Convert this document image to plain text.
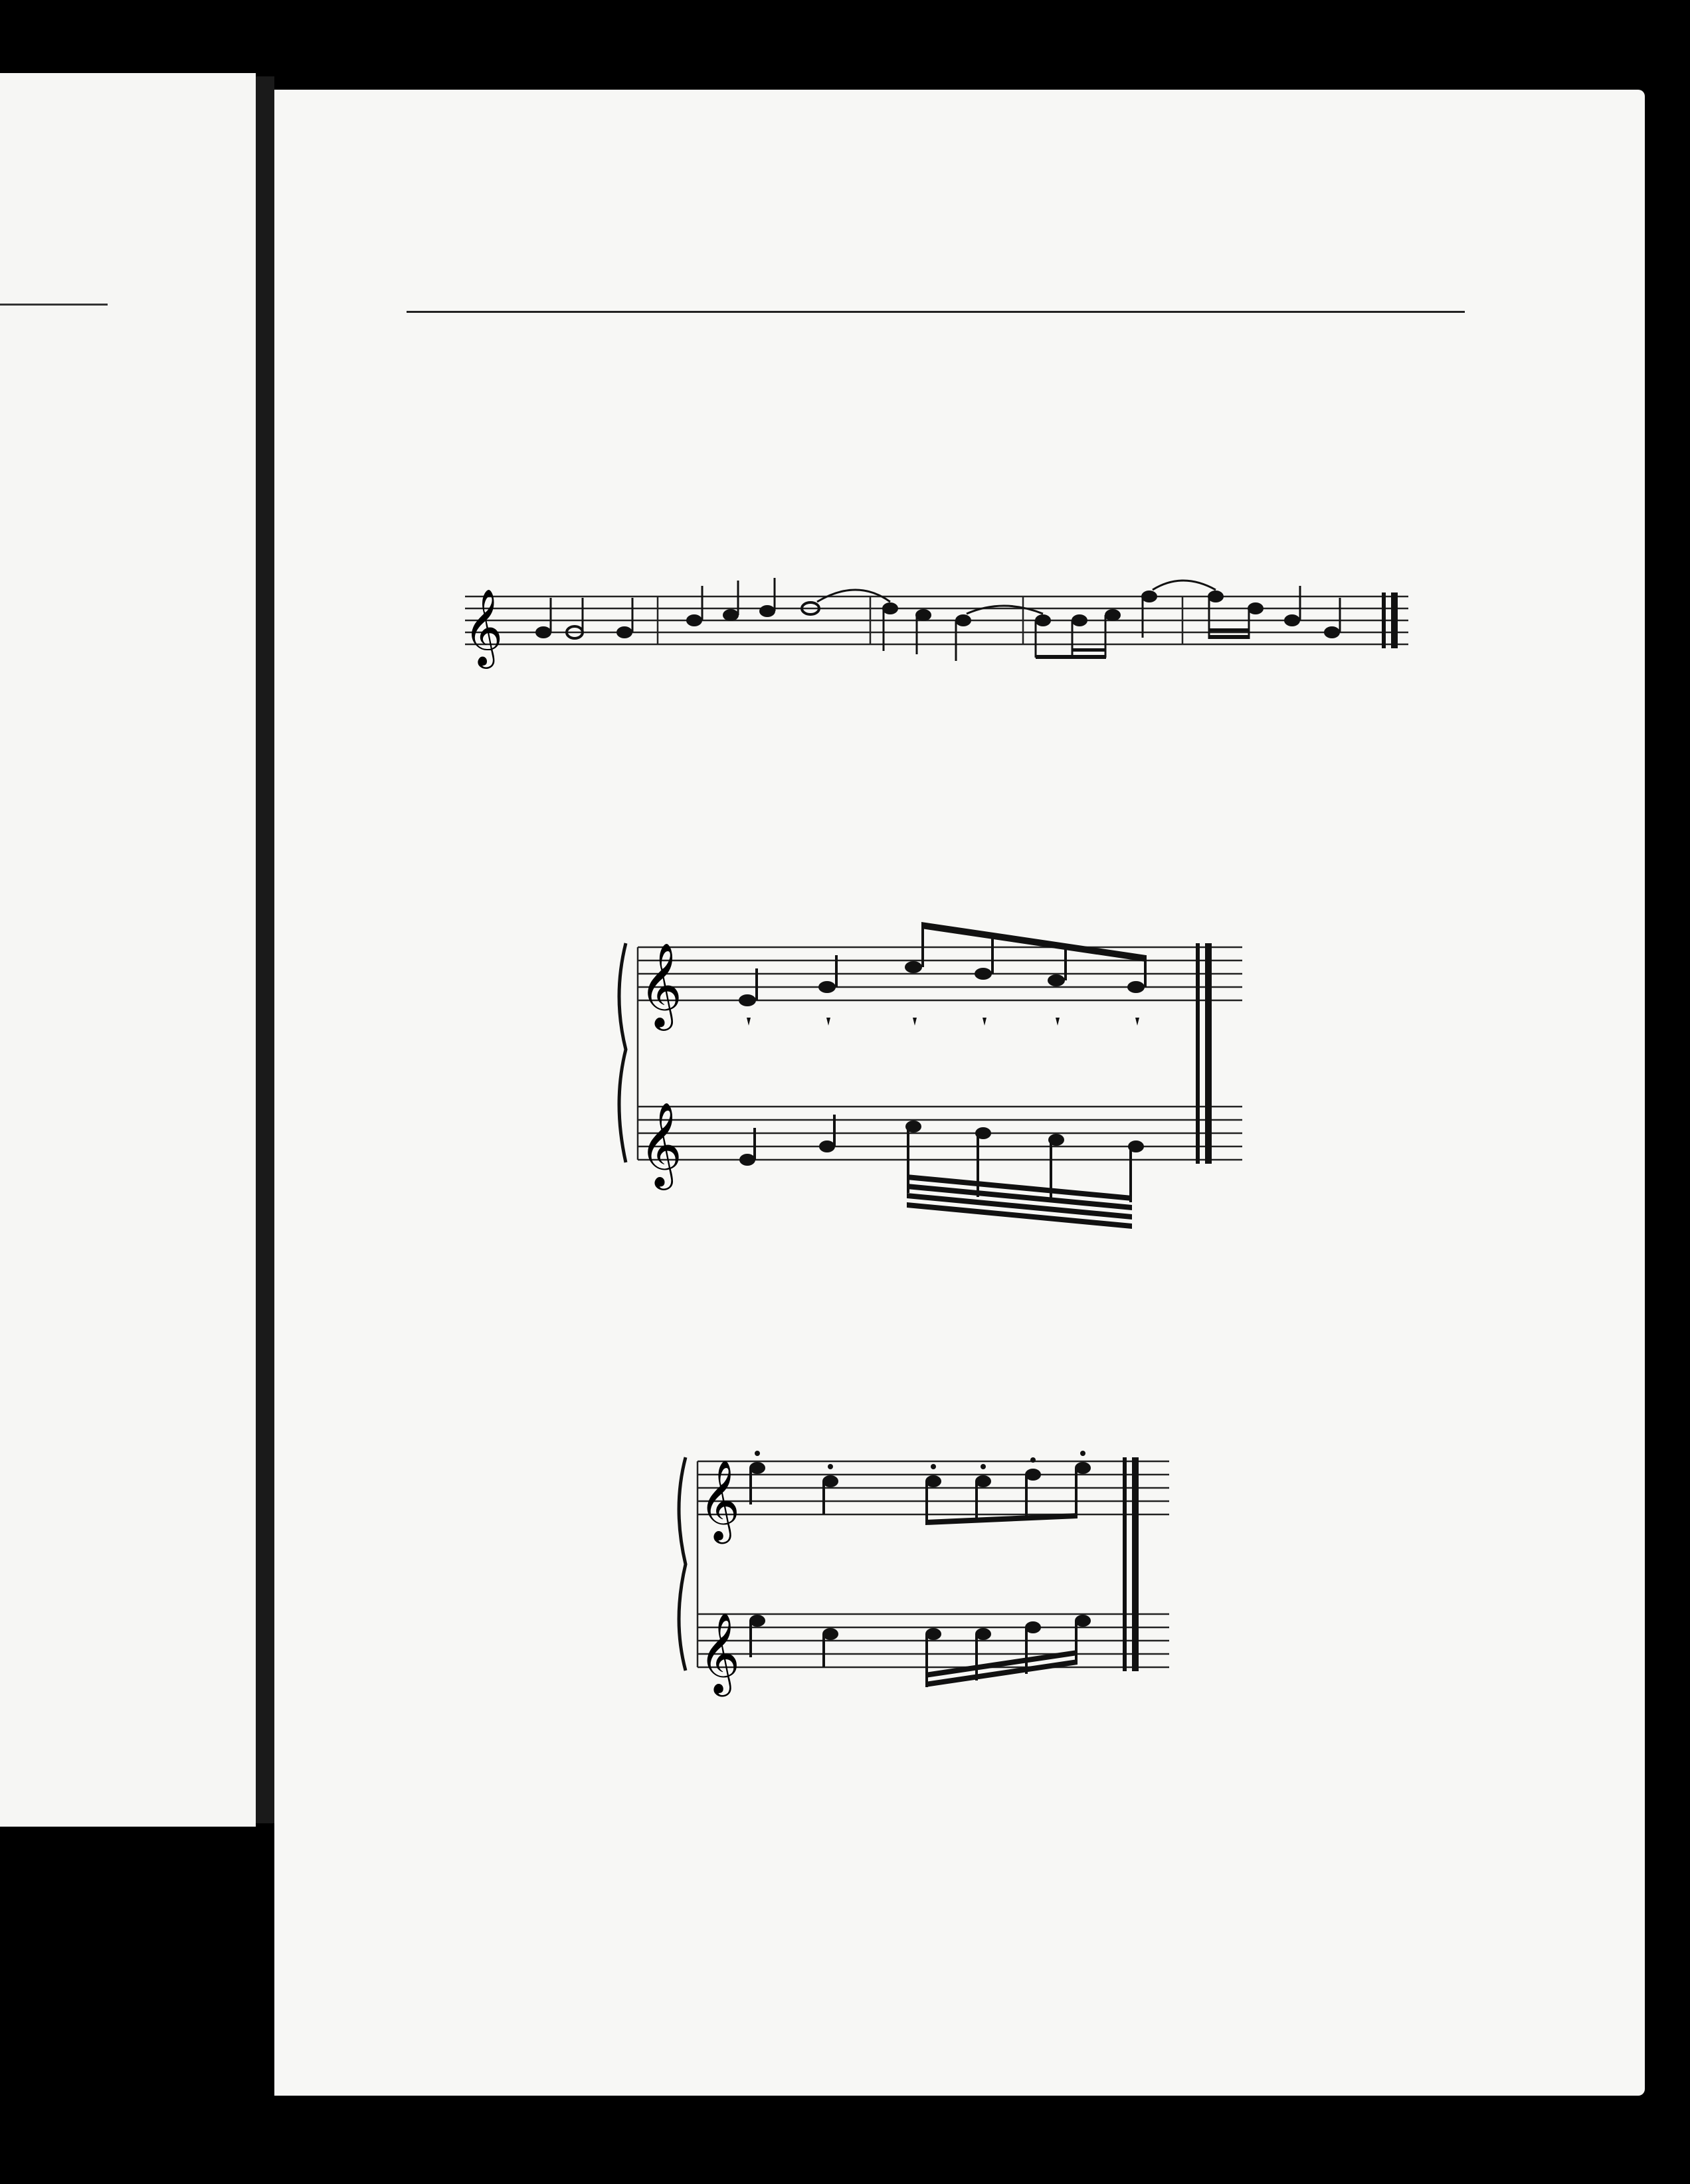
𝄞
𝄞
𝄞
𝄞
𝄞
